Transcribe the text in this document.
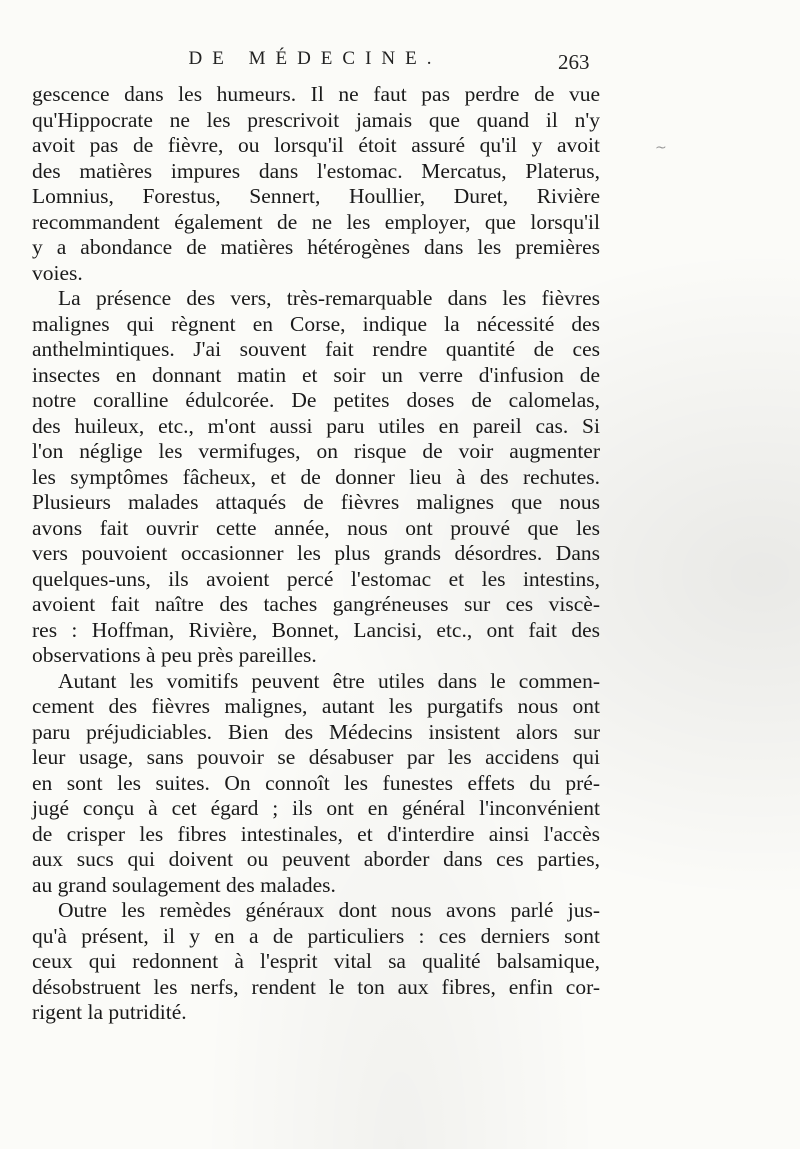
DE MÉDECINE.	263
gescence dans les humeurs. Il ne faut pas perdre de vue
qu'Hippocrate ne les prescrivoit jamais que quand il n'y
avoit pas de fièvre, ou lorsqu'il étoit assuré qu'il y avoit
des matières impures dans l'estomac. Mercatus, Platerus,
Lomnius, Forestus, Sennert, Houllier, Duret, Rivière
recommandent également de ne les employer, que lorsqu'il
y a abondance de matières hétérogènes dans les premières
voies.
La présence des vers, très-remarquable dans les fièvres
malignes qui règnent en Corse, indique la nécessité des
anthelmintiques. J'ai souvent fait rendre quantité de ces
insectes en donnant matin et soir un verre d'infusion de
notre coralline édulcorée. De petites doses de calomelas,
des huileux, etc., m'ont aussi paru utiles en pareil cas. Si
l'on néglige les vermifuges, on risque de voir augmenter
les symptômes fâcheux, et de donner lieu à des rechutes.
Plusieurs malades attaqués de fièvres malignes que nous
avons fait ouvrir cette année, nous ont prouvé que les
vers pouvoient occasionner les plus grands désordres. Dans
quelques-uns, ils avoient percé l'estomac et les intestins,
avoient fait naître des taches gangréneuses sur ces viscè-
res : Hoffman, Rivière, Bonnet, Lancisi, etc., ont fait des
observations à peu près pareilles.
Autant les vomitifs peuvent être utiles dans le commen-
cement des fièvres malignes, autant les purgatifs nous ont
paru préjudiciables. Bien des Médecins insistent alors sur
leur usage, sans pouvoir se désabuser par les accidens qui
en sont les suites. On connoît les funestes effets du pré-
jugé conçu à cet égard ; ils ont en général l'inconvénient
de crisper les fibres intestinales, et d'interdire ainsi l'accès
aux sucs qui doivent ou peuvent aborder dans ces parties,
au grand soulagement des malades.
Outre les remèdes généraux dont nous avons parlé jus-
qu'à présent, il y en a de particuliers : ces derniers sont
ceux qui redonnent à l'esprit vital sa qualité balsamique,
désobstruent les nerfs, rendent le ton aux fibres, enfin cor-
rigent la putridité.
~
